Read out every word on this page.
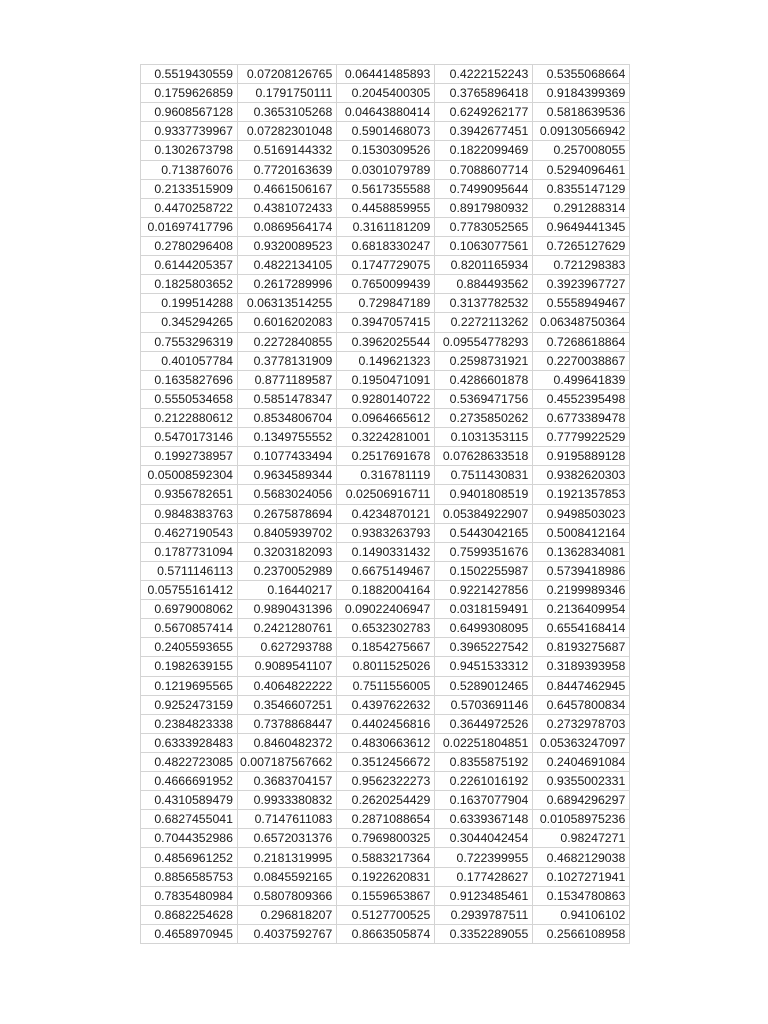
0.5519430559	0.07208126765	0.06441485893	0.4222152243	0.5355068664
0.1759626859	0.1791750111	0.2045400305	0.3765896418	0.9184399369
0.9608567128	0.3653105268	0.04643880414	0.6249262177	0.5818639536
0.9337739967	0.07282301048	0.5901468073	0.3942677451	0.09130566942
0.1302673798	0.5169144332	0.1530309526	0.1822099469	0.257008055
0.713876076	0.7720163639	0.0301079789	0.7088607714	0.5294096461
0.2133515909	0.4661506167	0.5617355588	0.7499095644	0.8355147129
0.4470258722	0.4381072433	0.4458859955	0.8917980932	0.291288314
0.01697417796	0.0869564174	0.3161181209	0.7783052565	0.9649441345
0.2780296408	0.9320089523	0.6818330247	0.1063077561	0.7265127629
0.6144205357	0.4822134105	0.1747729075	0.8201165934	0.721298383
0.1825803652	0.2617289996	0.7650099439	0.884493562	0.3923967727
0.199514288	0.06313514255	0.729847189	0.3137782532	0.5558949467
0.345294265	0.6016202083	0.3947057415	0.2272113262	0.06348750364
0.7553296319	0.2272840855	0.3962025544	0.09554778293	0.7268618864
0.401057784	0.3778131909	0.149621323	0.2598731921	0.2270038867
0.1635827696	0.8771189587	0.1950471091	0.4286601878	0.499641839
0.5550534658	0.5851478347	0.9280140722	0.5369471756	0.4552395498
0.2122880612	0.8534806704	0.0964665612	0.2735850262	0.6773389478
0.5470173146	0.1349755552	0.3224281001	0.1031353115	0.7779922529
0.1992738957	0.1077433494	0.2517691678	0.07628633518	0.9195889128
0.05008592304	0.9634589344	0.316781119	0.7511430831	0.9382620303
0.9356782651	0.5683024056	0.02506916711	0.9401808519	0.1921357853
0.9848383763	0.2675878694	0.4234870121	0.05384922907	0.9498503023
0.4627190543	0.8405939702	0.9383263793	0.5443042165	0.5008412164
0.1787731094	0.3203182093	0.1490331432	0.7599351676	0.1362834081
0.5711146113	0.2370052989	0.6675149467	0.1502255987	0.5739418986
0.05755161412	0.16440217	0.1882004164	0.9221427856	0.2199989346
0.6979008062	0.9890431396	0.09022406947	0.0318159491	0.2136409954
0.5670857414	0.2421280761	0.6532302783	0.6499308095	0.6554168414
0.2405593655	0.627293788	0.1854275667	0.3965227542	0.8193275687
0.1982639155	0.9089541107	0.8011525026	0.9451533312	0.3189393958
0.1219695565	0.4064822222	0.7511556005	0.5289012465	0.8447462945
0.9252473159	0.3546607251	0.4397622632	0.5703691146	0.6457800834
0.2384823338	0.7378868447	0.4402456816	0.3644972526	0.2732978703
0.6333928483	0.8460482372	0.4830663612	0.02251804851	0.05363247097
0.4822723085	0.007187567662	0.3512456672	0.8355875192	0.2404691084
0.4666691952	0.3683704157	0.9562322273	0.2261016192	0.9355002331
0.4310589479	0.9933380832	0.2620254429	0.1637077904	0.6894296297
0.6827455041	0.7147611083	0.2871088654	0.6339367148	0.01058975236
0.7044352986	0.6572031376	0.7969800325	0.3044042454	0.98247271
0.4856961252	0.2181319995	0.5883217364	0.722399955	0.4682129038
0.8856585753	0.0845592165	0.1922620831	0.177428627	0.1027271941
0.7835480984	0.5807809366	0.1559653867	0.9123485461	0.1534780863
0.8682254628	0.296818207	0.5127700525	0.2939787511	0.94106102
0.4658970945	0.4037592767	0.8663505874	0.3352289055	0.2566108958
